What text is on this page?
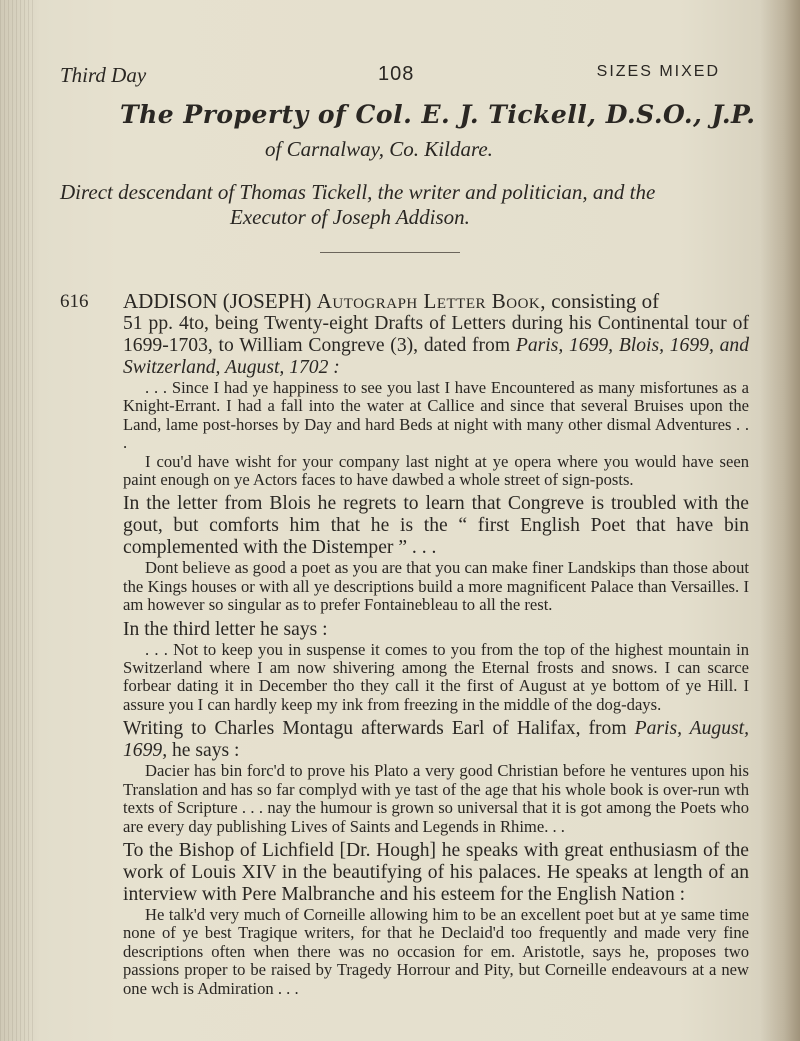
Third Day	108	SIZES MIXED
The Property of Col. E. J. Tickell, D.S.O., J.P.
of Carnalway, Co. Kildare.
Direct descendant of Thomas Tickell, the writer and politician, and the
Executor of Joseph Addison.
616 ADDISON (JOSEPH) Autograph Letter Book, consisting of

51 pp. 4to, being Twenty-eight Drafts of Letters during his Continental tour of 1699-1703, to William Congreve (3), dated from Paris, 1699, Blois, 1699, and Switzerland, August, 1702 :

. . . Since I had ye happiness to see you last I have Encountered as many misfortunes as a Knight-Errant. I had a fall into the water at Callice and since that several Bruises upon the Land, lame post-horses by Day and hard Beds at night with many other dismal Adventures . . .

I cou'd have wisht for your company last night at ye opera where you would have seen paint enough on ye Actors faces to have dawbed a whole street of sign-posts.

In the letter from Blois he regrets to learn that Congreve is troubled with the gout, but comforts him that he is the “ first English Poet that have bin complemented with the Distemper ” . . .

Dont believe as good a poet as you are that you can make finer Landskips than those about the Kings houses or with all ye descriptions build a more magnificent Palace than Versailles. I am however so singular as to prefer Fontainebleau to all the rest.

In the third letter he says :

. . . Not to keep you in suspense it comes to you from the top of the highest mountain in Switzerland where I am now shivering among the Eternal frosts and snows. I can scarce forbear dating it in December tho they call it the first of August at ye bottom of ye Hill. I assure you I can hardly keep my ink from freezing in the middle of the dog-days.

Writing to Charles Montagu afterwards Earl of Halifax, from Paris, August, 1699, he says :

Dacier has bin forc'd to prove his Plato a very good Christian before he ventures upon his Translation and has so far complyd with ye tast of the age that his whole book is over-run wth texts of Scripture . . . nay the humour is grown so universal that it is got among the Poets who are every day publishing Lives of Saints and Legends in Rhime. . .

To the Bishop of Lichfield [Dr. Hough] he speaks with great enthusiasm of the work of Louis XIV in the beautifying of his palaces. He speaks at length of an interview with Pere Malbranche and his esteem for the English Nation :

He talk'd very much of Corneille allowing him to be an excellent poet but at ye same time none of ye best Tragique writers, for that he Declaid'd too frequently and made very fine descriptions often when there was no occasion for em. Aristotle, says he, proposes two passions proper to be raised by Tragedy Horrour and Pity, but Corneille endeavours at a new one wch is Admiration . . .
